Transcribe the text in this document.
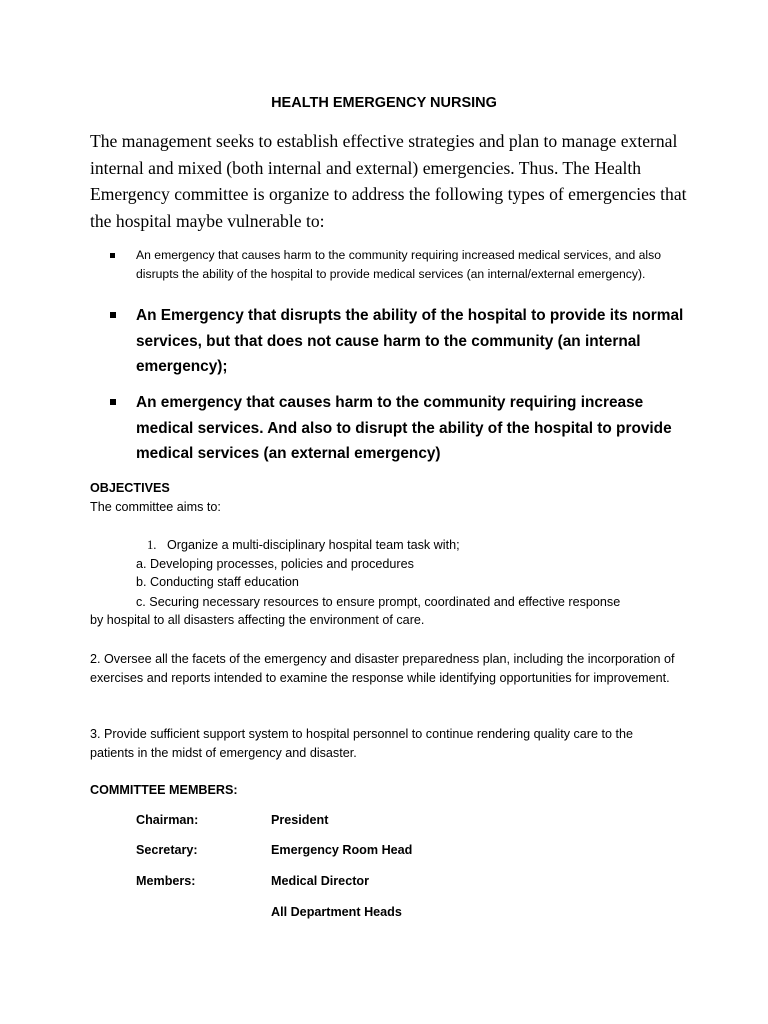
HEALTH EMERGENCY NURSING
The management seeks to establish effective strategies and plan to manage external internal and mixed (both internal and external) emergencies. Thus. The Health Emergency committee is organize to address the following types of emergencies that the hospital maybe vulnerable to:
An emergency that causes harm to the community requiring increased medical services, and also disrupts the ability of the hospital to provide medical services (an internal/external emergency).
An Emergency that disrupts the ability of the hospital to provide its normal services, but that does not cause harm to the community (an internal emergency);
An emergency that causes harm to the community requiring increase medical services. And also to disrupt the ability of the hospital to provide medical services (an external emergency)
OBJECTIVES
The committee aims to:
1. Organize a multi-disciplinary hospital team task with;
a. Developing processes, policies and procedures
b. Conducting staff education
c. Securing necessary resources to ensure prompt, coordinated and effective response
by hospital to all disasters affecting the environment of care.
2. Oversee all the facets of the emergency and disaster preparedness plan, including the incorporation of exercises and reports intended to examine the response while identifying opportunities for improvement.
3. Provide sufficient support system to hospital personnel to continue rendering quality care to the patients in the midst of emergency and disaster.
COMMITTEE MEMBERS:
Chairman:	President
Secretary:	Emergency Room Head
Members:	Medical Director
All Department Heads
